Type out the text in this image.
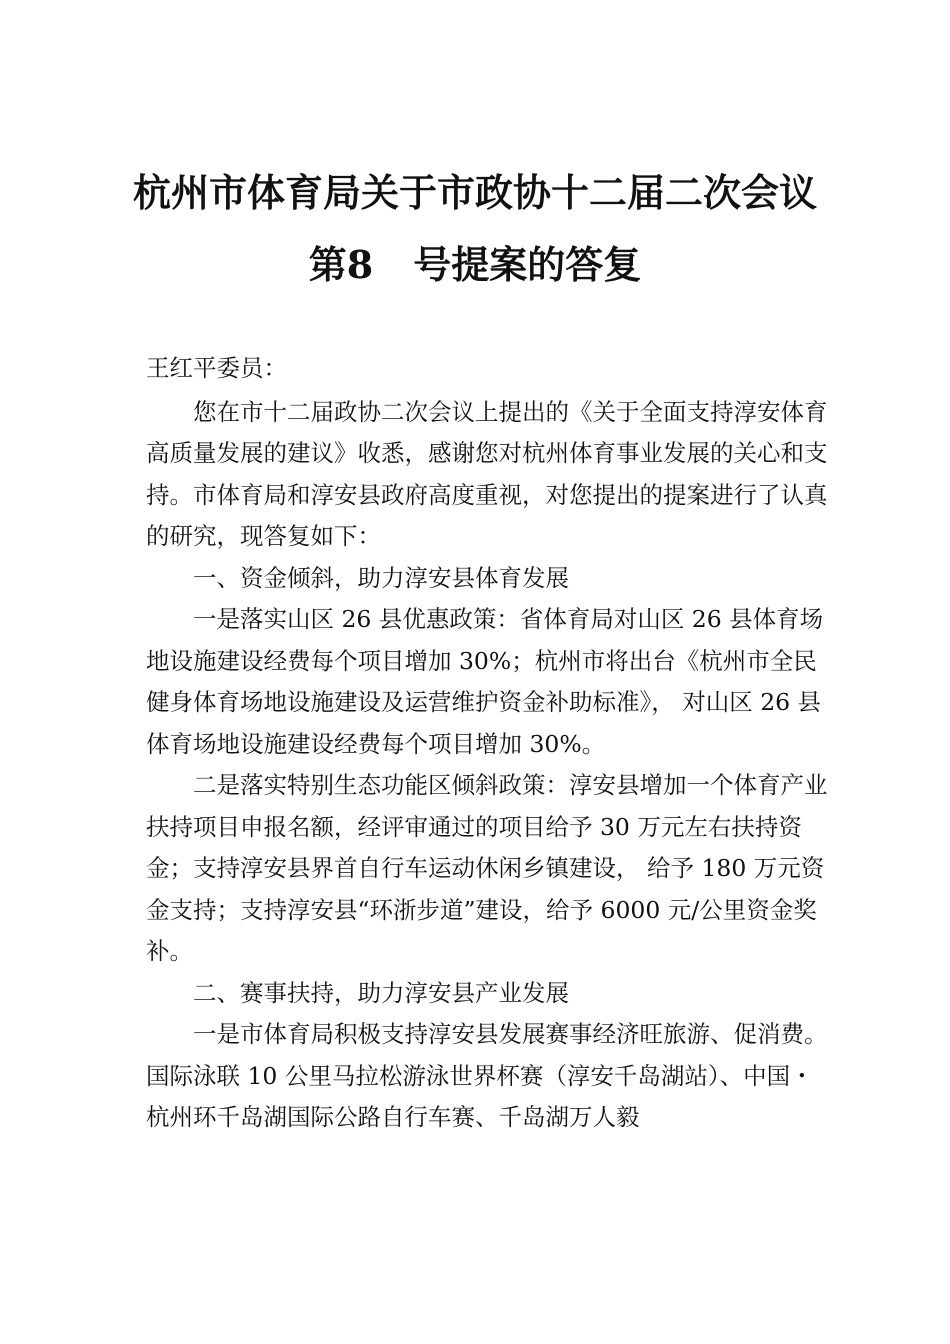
杭州市体育局关于市政协十二届二次会议
第8 号提案的答复

王红平委员：

您在市十二届政协二次会议上提出的《关于全面支持淳安体育高质量发展的建议》收悉，感谢您对杭州体育事业发展的关心和支持。市体育局和淳安县政府高度重视，对您提出的提案进行了认真的研究，现答复如下：

一、资金倾斜，助力淳安县体育发展

一是落实山区 26 县优惠政策：省体育局对山区 26 县体育场地设施建设经费每个项目增加 30%；杭州市将出台《杭州市全民健身体育场地设施建设及运营维护资金补助标准》， 对山区 26 县体育场地设施建设经费每个项目增加 30%。

二是落实特别生态功能区倾斜政策：淳安县增加一个体育产业扶持项目申报名额，经评审通过的项目给予 30 万元左右扶持资金；支持淳安县界首自行车运动休闲乡镇建设， 给予 180 万元资金支持；支持淳安县“环浙步道”建设，给予 6000 元/公里资金奖补。

二、赛事扶持，助力淳安县产业发展

一是市体育局积极支持淳安县发展赛事经济旺旅游、促消费。国际泳联 10 公里马拉松游泳世界杯赛（淳安千岛湖站）、中国・杭州环千岛湖国际公路自行车赛、千岛湖万人毅
